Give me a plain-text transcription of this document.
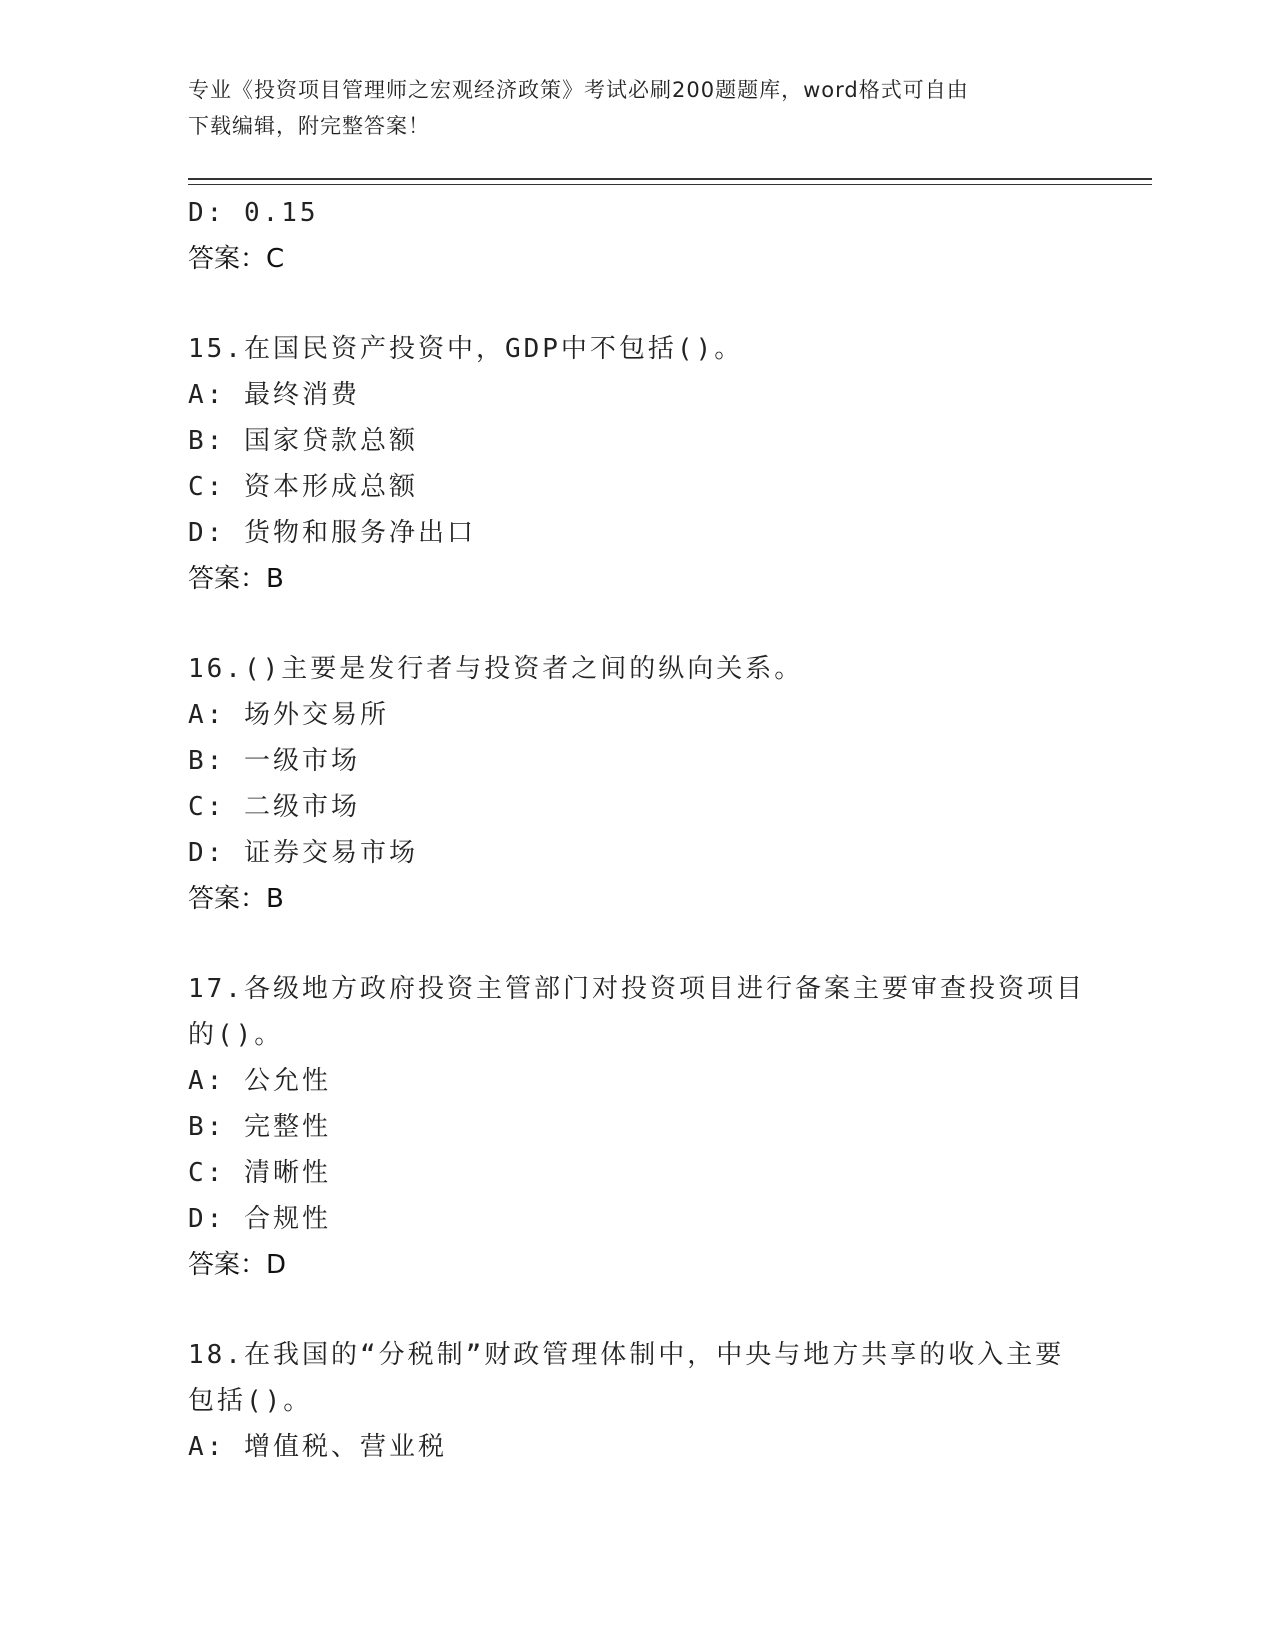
专业《投资项目管理师之宏观经济政策》考试必刷200题题库，word格式可自由
下载编辑，附完整答案！
D: 0.15
答案：C
15.在国民资产投资中，GDP中不包括()。
A: 最终消费
B: 国家贷款总额
C: 资本形成总额
D: 货物和服务净出口
答案：B
16.()主要是发行者与投资者之间的纵向关系。
A: 场外交易所
B: 一级市场
C: 二级市场
D: 证券交易市场
答案：B
17.各级地方政府投资主管部门对投资项目进行备案主要审查投资项目
的()。
A: 公允性
B: 完整性
C: 清晰性
D: 合规性
答案：D
18.在我国的“分税制”财政管理体制中，中央与地方共享的收入主要
包括()。
A: 增值税、营业税
